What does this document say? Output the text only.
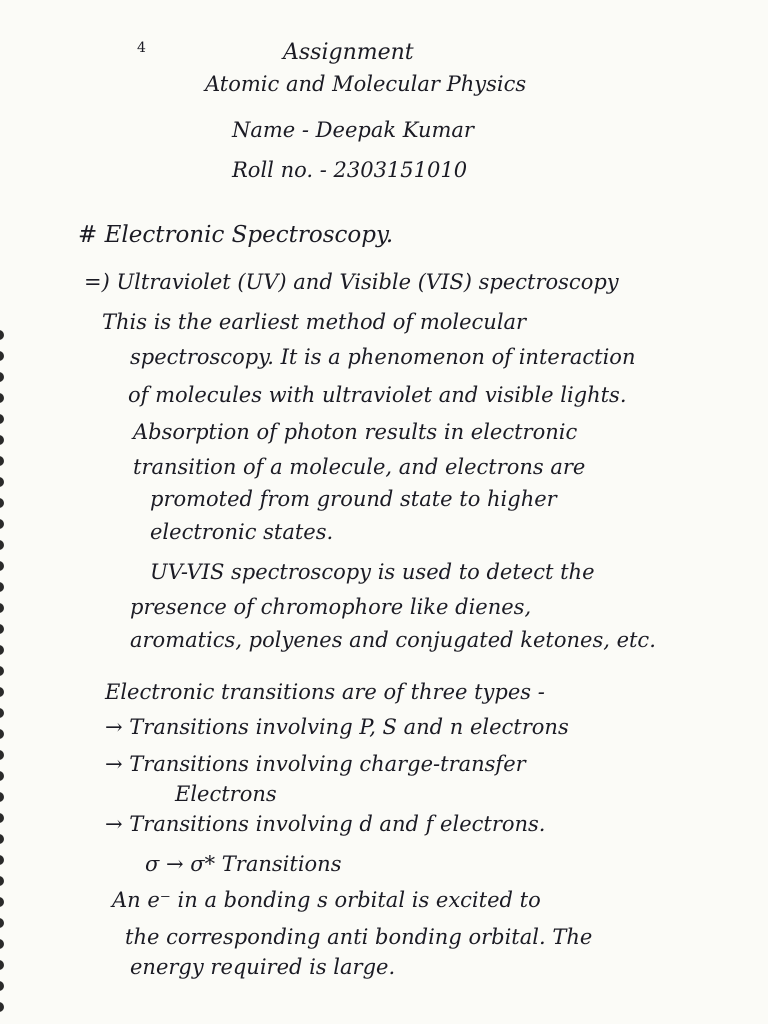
4	Assignment
Atomic and Molecular Physics
Name - Deepak Kumar
Roll no. - 2303151010
# Electronic Spectroscopy.
=) Ultraviolet (UV) and Visible (VIS) spectroscopy
This is the earliest method of molecular
spectroscopy. It is a phenomenon of interaction
of molecules with ultraviolet and visible lights.
Absorption of photon results in electronic
transition of a molecule, and electrons are
promoted from ground state to higher
electronic states.
UV-VIS spectroscopy is used to detect the
presence of chromophore like dienes,
aromatics, polyenes and conjugated ketones, etc.
Electronic transitions are of three types -
→ Transitions involving P, S and n electrons
→ Transitions involving charge-transfer
Electrons
→ Transitions involving d and f electrons.
σ → σ* Transitions
An e⁻ in a bonding s orbital is excited to
the corresponding anti bonding orbital. The
energy required is large.
